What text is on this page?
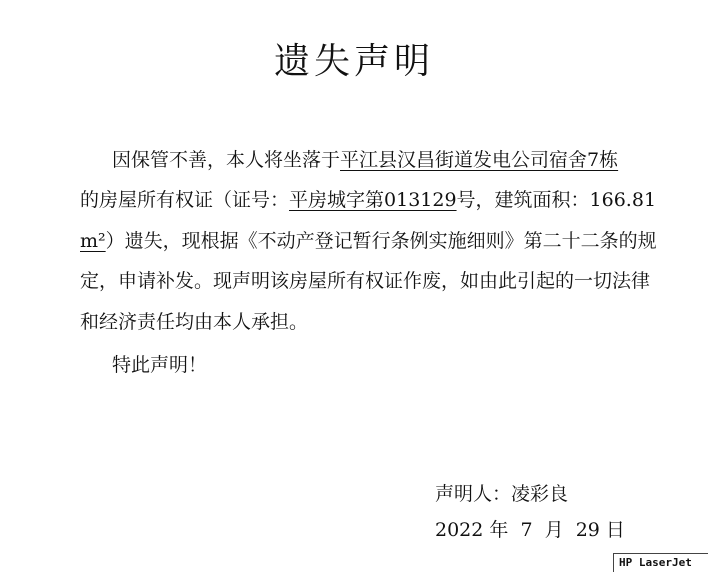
遗失声明
因保管不善，本人将坐落于平江县汉昌街道发电公司宿舍7栋
的房屋所有权证（证号：平房城字第013129号，建筑面积：166.81
m²）遗失，现根据《不动产登记暂行条例实施细则》第二十二条的规
定，申请补发。现声明该房屋所有权证作废，如由此引起的一切法律
和经济责任均由本人承担。
特此声明！
声明人：凌彩良
2022 年  7  月  29 日
HP LaserJet
